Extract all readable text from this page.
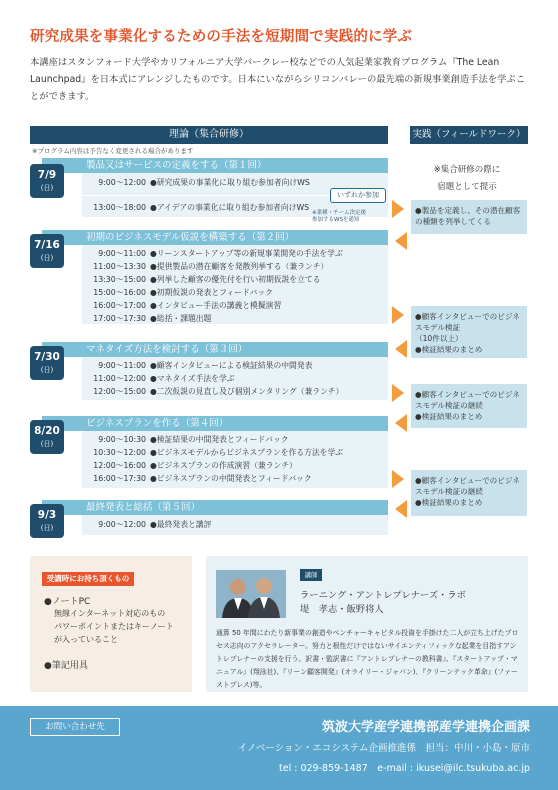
研究成果を事業化するための手法を短期間で実践的に学ぶ
本講座はスタンフォード大学やカリフォルニア大学バークレー校などでの人気起業家教育プログラム『The Lean Launchpad』を日本式にアレンジしたものです。日本にいながらシリコンバレーの最先端の新規事業創造手法を学ぶことができます。
理論（集合研修）	実践（フィールドワーク）
※プログラム内容は予告なく変更される場合があります
※集合研修の際に
宿題として提示
製品又はサービスの定義をする（第１回）
9:00～12:00 ●研究成果の事業化に取り組む参加者向けWS
13:00～18:00 ●アイデアの事業化に取り組む参加者向けWS
7/9
(日)
いずれか参加
※業種・チーム決定後
参加するWSを通知
初期のビジネスモデル仮説を構築する（第２回）
9:00～11:00 ●リーンスタートアップ等の新規事業開発の手法を学ぶ
11:00～13:30 ●提供製品の潜在顧客を発散列挙する（兼ランチ）
13:30～15:00 ●列挙した顧客の優先付を行い初期仮説を立てる
15:00～16:00 ●初期仮説の発表とフィードバック
16:00～17:00 ●インタビュー手法の講義と模擬演習
17:00～17:30 ●総括・課題出題
7/16
(日)
マネタイズ方法を検討する（第３回）
9:00～11:00 ●顧客インタビューによる検証結果の中間発表
11:00～12:00 ●マネタイズ手法を学ぶ
12:00～15:00 ●二次仮説の見直し及び個別メンタリング（兼ランチ）
7/30
(日)
ビジネスプランを作る（第４回）
9:00～10:30 ●検証結果の中間発表とフィードバック
10:30～12:00 ●ビジネスモデルからビジネスプランを作る方法を学ぶ
12:00～16:00 ●ビジネスプランの作成演習（兼ランチ）
16:00～17:30 ●ビジネスプランの中間発表とフィードバック
8/20
(日)
最終発表と総括（第５回）
9:00～12:00 ●最終発表と講評
9/3
(日)
●製品を定義し、その潜在顧客の種類を列挙してくる
●顧客インタビューでのビジネスモデル検証
（10件以上）
●検証結果のまとめ
●顧客インタビューでのビジネスモデル検証の継続
●検証結果のまとめ
●顧客インタビューでのビジネスモデル検証の継続
●検証結果のまとめ
受講時にお持ち頂くもの
●ノートPC
無線インターネット対応のもの
パワーポイントまたはキーノート
が入っていること
●筆記用具
講師
ラーニング・アントレプレナーズ・ラボ
堤　孝志・飯野将人
通算 50 年間にわたり新事業の創造やベンチャーキャピタル投資を手掛けた二人が立ち上げたプロセス志向のアクセラレーター。努力と根性だけではないサイエンティフィックな起業を目指すアントレプレナーの支援を行う。訳書・監訳書に『アントレプレナーの教科書』、『スタートアップ・マニュアル』(翔泳社)、『リーン顧客開発』(オライリー・ジャパン)、『クリーンテック革命』(ファーストプレス)等。
お問い合わせ先	筑波大学産学連携部産学連携企画課
イノベーション・エコシステム企画推進係　担当：中川・小島・原市
tel : 029-859-1487　e-mail : ikusei@ilc.tsukuba.ac.jp
